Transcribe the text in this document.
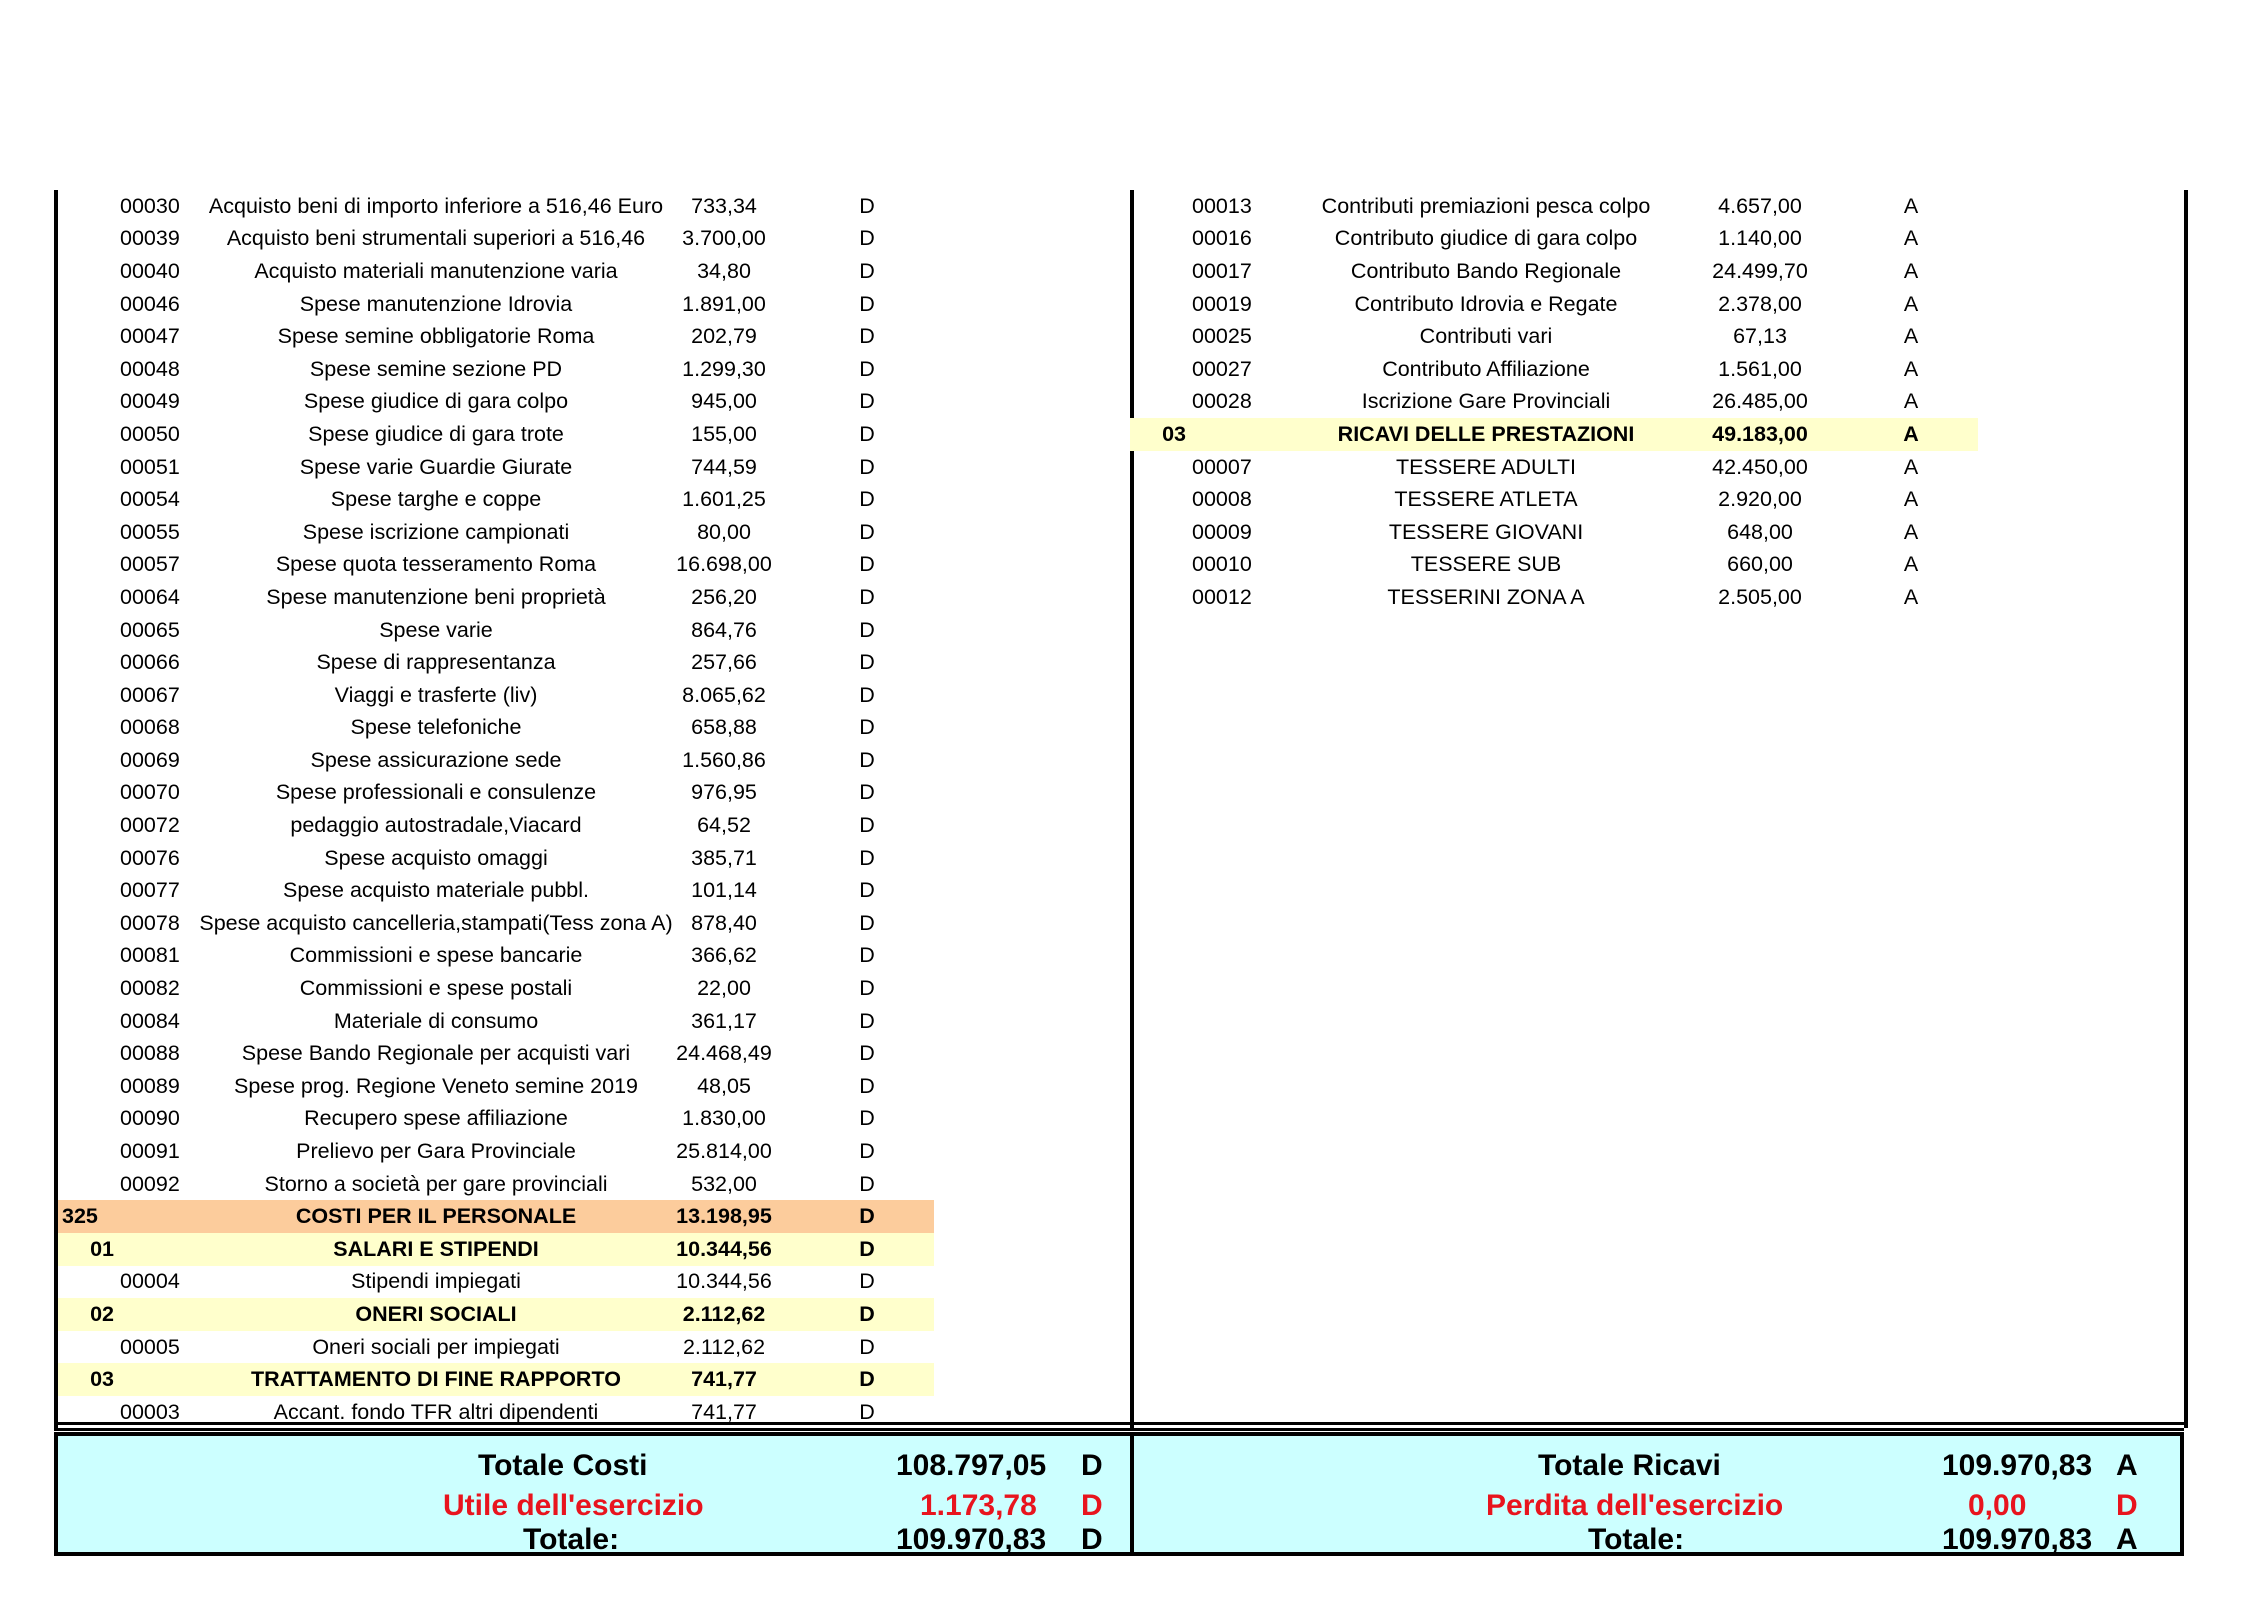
00030	Acquisto beni di importo inferiore a 516,46 Euro	733,34	D
00039	Acquisto beni strumentali superiori a 516,46	3.700,00	D
00040	Acquisto materiali manutenzione varia	34,80	D
00046	Spese manutenzione Idrovia	1.891,00	D
00047	Spese semine obbligatorie Roma	202,79	D
00048	Spese semine sezione PD	1.299,30	D
00049	Spese giudice di gara colpo	945,00	D
00050	Spese giudice di gara trote	155,00	D
00051	Spese varie Guardie Giurate	744,59	D
00054	Spese targhe e coppe	1.601,25	D
00055	Spese iscrizione campionati	80,00	D
00057	Spese quota tesseramento Roma	16.698,00	D
00064	Spese manutenzione beni proprietà	256,20	D
00065	Spese varie	864,76	D
00066	Spese di rappresentanza	257,66	D
00067	Viaggi e trasferte (liv)	8.065,62	D
00068	Spese telefoniche	658,88	D
00069	Spese assicurazione sede	1.560,86	D
00070	Spese professionali e consulenze	976,95	D
00072	pedaggio autostradale,Viacard	64,52	D
00076	Spese acquisto omaggi	385,71	D
00077	Spese acquisto materiale pubbl.	101,14	D
00078 Spese acquisto cancelleria,stampati(Tess zona A) 878,40	D
00081	Commissioni e spese bancarie	366,62	D
00082	Commissioni e spese postali	22,00	D
00084	Materiale di consumo	361,17	D
00088	Spese Bando Regionale per acquisti vari	24.468,49	D
00089	Spese prog. Regione Veneto semine 2019	48,05	D
00090	Recupero spese affiliazione	1.830,00	D
00091	Prelievo per Gara Provinciale	25.814,00	D
00092	Storno a società per gare provinciali	532,00	D
325	COSTI PER IL PERSONALE	13.198,95	D
01	SALARI E STIPENDI	10.344,56	D
00004	Stipendi impiegati	10.344,56	D
02	ONERI SOCIALI	2.112,62	D
00005	Oneri sociali per impiegati	2.112,62	D
03	TRATTAMENTO DI FINE RAPPORTO	741,77	D
00003	Accant. fondo TFR altri dipendenti	741,77	D
00013	Contributi premiazioni pesca colpo	4.657,00	A
00016	Contributo giudice di gara colpo	1.140,00	A
00017	Contributo Bando Regionale	24.499,70	A
00019	Contributo Idrovia e Regate	2.378,00	A
00025	Contributi vari	67,13	A
00027	Contributo Affiliazione	1.561,00	A
00028	Iscrizione Gare Provinciali	26.485,00	A
03	RICAVI DELLE PRESTAZIONI	49.183,00	A
00007	TESSERE ADULTI	42.450,00	A
00008	TESSERE ATLETA	2.920,00	A
00009	TESSERE GIOVANI	648,00	A
00010	TESSERE SUB	660,00	A
00012	TESSERINI ZONA A	2.505,00	A
Totale Costi	108.797,05 D	Totale Ricavi	109.970,83 A
Utile dell'esercizio	1.173,78 D	Perdita dell'esercizio	0,00	D
Totale:	109.970,83 D	Totale:	109.970,83 A
